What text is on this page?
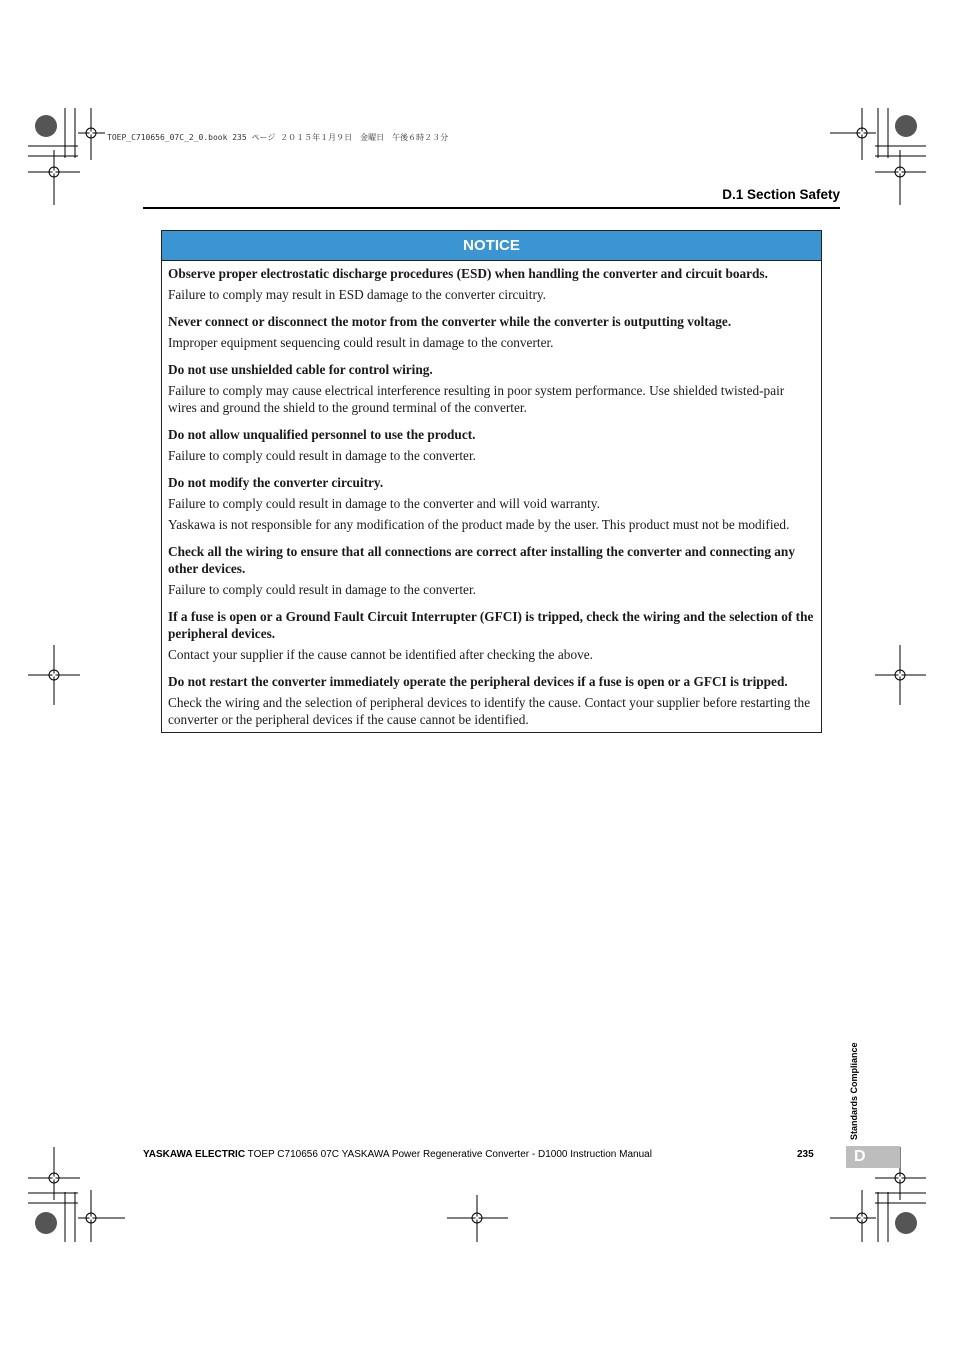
TOEP_C710656_07C_2_0.book 235 ページ ２０１５年１月９日　金曜日　午後６時２３分
D.1 Section Safety
NOTICE

Observe proper electrostatic discharge procedures (ESD) when handling the converter and circuit boards.

Failure to comply may result in ESD damage to the converter circuitry.

Never connect or disconnect the motor from the converter while the converter is outputting voltage.

Improper equipment sequencing could result in damage to the converter.

Do not use unshielded cable for control wiring.

Failure to comply may cause electrical interference resulting in poor system performance. Use shielded twisted-pair wires and ground the shield to the ground terminal of the converter.

Do not allow unqualified personnel to use the product.

Failure to comply could result in damage to the converter.

Do not modify the converter circuitry.

Failure to comply could result in damage to the converter and will void warranty.

Yaskawa is not responsible for any modification of the product made by the user. This product must not be modified.

Check all the wiring to ensure that all connections are correct after installing the converter and connecting any other devices.

Failure to comply could result in damage to the converter.

If a fuse is open or a Ground Fault Circuit Interrupter (GFCI) is tripped, check the wiring and the selection of the peripheral devices.

Contact your supplier if the cause cannot be identified after checking the above.

Do not restart the converter immediately operate the peripheral devices if a fuse is open or a GFCI is tripped.

Check the wiring and the selection of peripheral devices to identify the cause. Contact your supplier before restarting the converter or the peripheral devices if the cause cannot be identified.

Standards Compliance
D
YASKAWA ELECTRIC TOEP C710656 07C YASKAWA Power Regenerative Converter - D1000 Instruction Manual	235
